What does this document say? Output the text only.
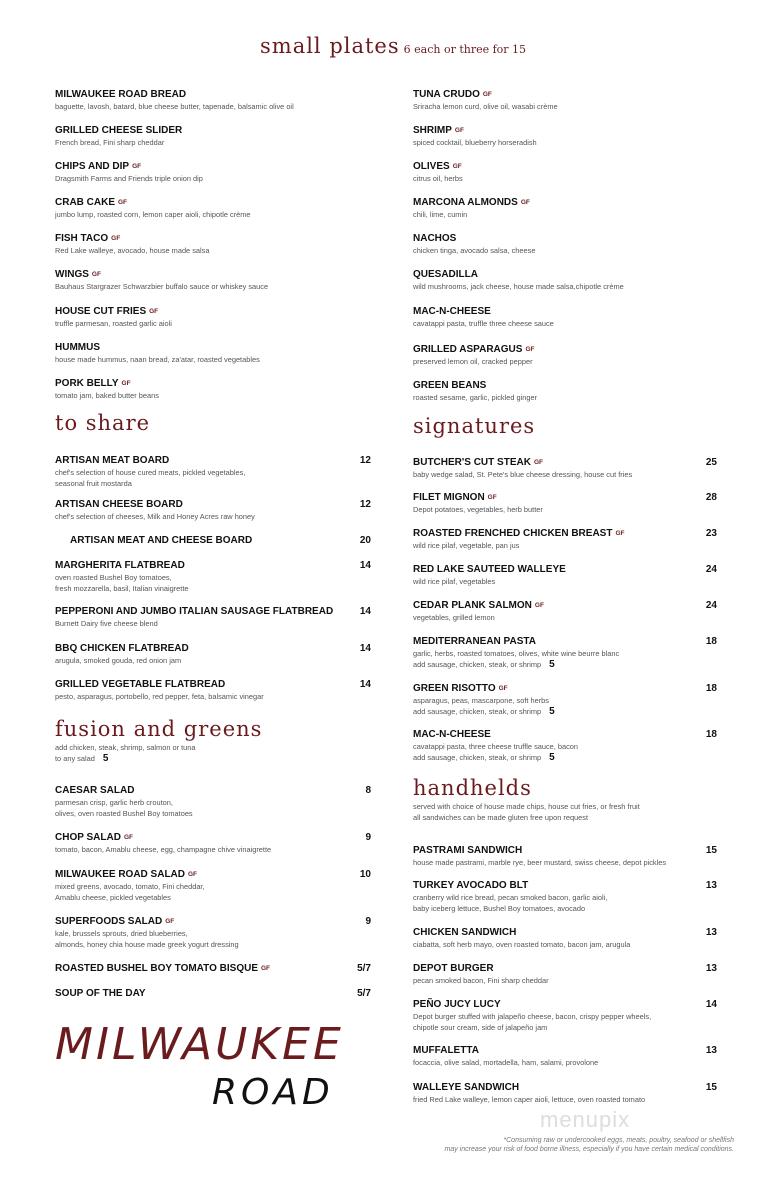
small plates 6 each or three for 15
to share
fusion and greens
add chicken, steak, shrimp, salmon or tuna
to any salad 5
signatures
handhelds
served with choice of house made chips, house cut fries, or fresh fruit
all sandwiches can be made gluten free upon request
MILWAUKEE ROAD BREAD
baguette, lavosh, batard, blue cheese butter, tapenade, balsamic olive oil
GRILLED CHEESE SLIDER
French bread, Fini sharp cheddar
CHIPS AND DIP GF
Dragsmith Farms and Friends triple onion dip
CRAB CAKE GF
jumbo lump, roasted corn, lemon caper aioli, chipotle crème
FISH TACO GF
Red Lake walleye, avocado, house made salsa
WINGS GF
Bauhaus Stargrazer Schwarzbier buffalo sauce or whiskey sauce
HOUSE CUT FRIES GF
truffle parmesan, roasted garlic aioli
HUMMUS
house made hummus, naan bread, za'atar, roasted vegetables
PORK BELLY GF
tomato jam, baked butter beans
TUNA CRUDO GF
Sriracha lemon curd, olive oil, wasabi crème
SHRIMP GF
spiced cocktail, blueberry horseradish
OLIVES GF
citrus oil, herbs
MARCONA ALMONDS GF
chili, lime, cumin
NACHOS
chicken tinga, avocado salsa, cheese
QUESADILLA
wild mushrooms, jack cheese, house made salsa,chipotle crème
MAC-N-CHEESE
cavatappi pasta, truffle three cheese sauce
GRILLED ASPARAGUS GF
preserved lemon oil, cracked pepper
GREEN BEANS
roasted sesame, garlic, pickled ginger
ARTISAN MEAT BOARD	12
chef's selection of house cured meats, pickled vegetables,
seasonal fruit mostarda
ARTISAN CHEESE BOARD	12
chef's selection of cheeses, Milk and Honey Acres raw honey
ARTISAN MEAT AND CHEESE BOARD	20
MARGHERITA FLATBREAD	14
oven roasted Bushel Boy tomatoes,
fresh mozzarella, basil, Italian vinaigrette
PEPPERONI AND JUMBO ITALIAN SAUSAGE FLATBREAD	14
Burnett Dairy five cheese blend
BBQ CHICKEN FLATBREAD	14
arugula, smoked gouda, red onion jam
GRILLED VEGETABLE FLATBREAD	14
pesto, asparagus, portobello, red pepper, feta, balsamic vinegar
CAESAR SALAD	8
parmesan crisp, garlic herb crouton,
olives, oven roasted Bushel Boy tomatoes
CHOP SALAD GF	9
tomato, bacon, Amablu cheese, egg, champagne chive vinaigrette
MILWAUKEE ROAD SALAD GF	10
mixed greens, avocado, tomato, Fini cheddar,
Amablu cheese, pickled vegetables
SUPERFOODS SALAD GF	9
kale, brussels sprouts, dried blueberries,
almonds, honey chia house made greek yogurt dressing
ROASTED BUSHEL BOY TOMATO BISQUE GF	5/7
SOUP OF THE DAY	5/7
BUTCHER'S CUT STEAK GF	25
baby wedge salad, St. Pete's blue cheese dressing, house cut fries
FILET MIGNON GF	28
Depot potatoes, vegetables, herb butter
ROASTED FRENCHED CHICKEN BREAST GF	23
wild rice pilaf, vegetable, pan jus
RED LAKE SAUTEED WALLEYE	24
wild rice pilaf, vegetables
CEDAR PLANK SALMON GF	24
vegetables, grilled lemon
MEDITERRANEAN PASTA	18
garlic, herbs, roasted tomatoes, olives, white wine beurre blanc
add sausage, chicken, steak, or shrimp 5
GREEN RISOTTO GF	18
asparagus, peas, mascarpone, soft herbs
add sausage, chicken, steak, or shrimp 5
MAC-N-CHEESE	18
cavatappi pasta, three cheese truffle sauce, bacon
add sausage, chicken, steak, or shrimp 5
PASTRAMI SANDWICH	15
house made pastrami, marble rye, beer mustard, swiss cheese, depot pickles
TURKEY AVOCADO BLT	13
cranberry wild rice bread, pecan smoked bacon, garlic aioli,
baby iceberg lettuce, Bushel Boy tomatoes, avocado
CHICKEN SANDWICH	13
ciabatta, soft herb mayo, oven roasted tomato, bacon jam, arugula
DEPOT BURGER	13
pecan smoked bacon, Fini sharp cheddar
PEÑO JUCY LUCY	14
Depot burger stuffed with jalapeño cheese, bacon, crispy pepper wheels,
chipotle sour cream, side of jalapeño jam
MUFFALETTA	13
focaccia, olive salad, mortadella, ham, salami, provolone
WALLEYE SANDWICH	15
fried Red Lake walleye, lemon caper aioli, lettuce, oven roasted tomato
MILWAUKEE
ROAD
menupix
*Consuming raw or undercooked eggs, meats, poultry, seafood or shellfish
may increase your risk of food borne illness, especially if you have certain medical conditions.
